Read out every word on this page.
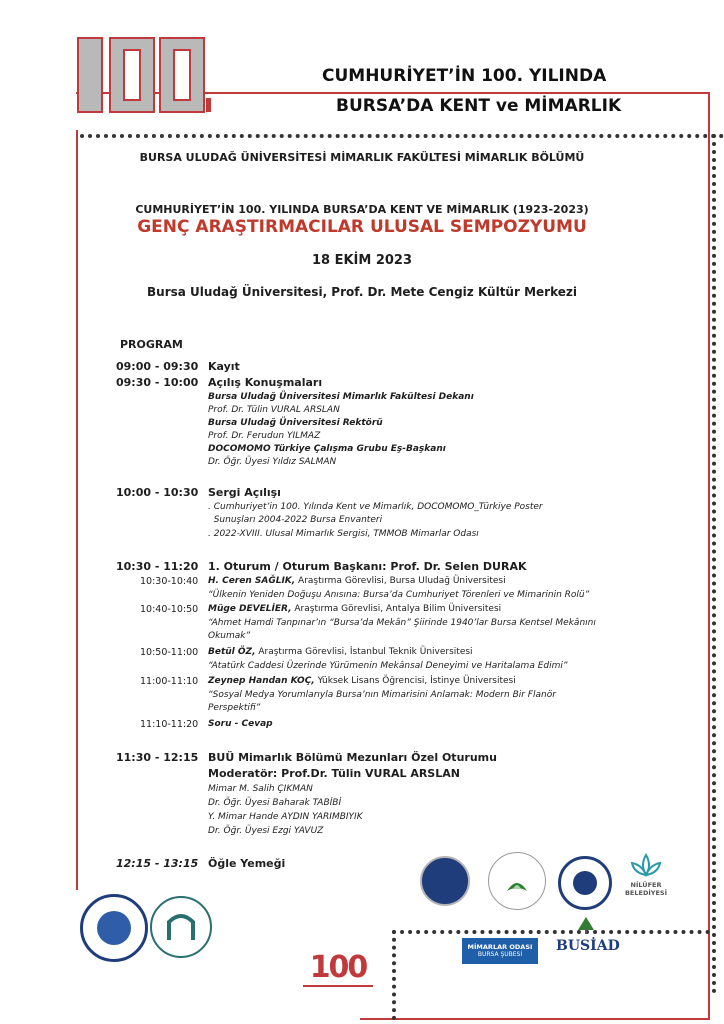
CUMHURİYET’İN 100. YILINDA
BURSA’DA KENT ve MİMARLIK
BURSA ULUDAĞ ÜNİVERSİTESİ MİMARLIK FAKÜLTESİ MİMARLIK BÖLÜMÜ
CUMHURİYET’İN 100. YILINDA BURSA’DA KENT VE MİMARLIK (1923-2023)
GENÇ ARAŞTIRMACILAR ULUSAL SEMPOZYUMU
18 EKİM 2023
Bursa Uludağ Üniversitesi, Prof. Dr. Mete Cengiz Kültür Merkezi
PROGRAM
09:00 - 09:30 Kayıt
09:30 - 10:00 Açılış Konuşmaları
Bursa Uludağ Üniversitesi Mimarlık Fakültesi Dekanı
Prof. Dr. Tülin VURAL ARSLAN
Bursa Uludağ Üniversitesi Rektörü
Prof. Dr. Ferudun YILMAZ
DOCOMOMO Türkiye Çalışma Grubu Eş-Başkanı
Dr. Öğr. Üyesi Yıldız SALMAN
10:00 - 10:30 Sergi Açılışı
. Cumhuriyet’in 100. Yılında Kent ve Mimarlık, DOCOMOMO_Türkiye Poster
Sunuşları 2004-2022 Bursa Envanteri
. 2022-XVIII. Ulusal Mimarlık Sergisi, TMMOB Mimarlar Odası
10:30 - 11:20 1. Oturum / Oturum Başkanı: Prof. Dr. Selen DURAK
10:30-10:40 H. Ceren SAĞLIK, Araştırma Görevlisi, Bursa Uludağ Üniversitesi
“Ülkenin Yeniden Doğuşu Anısına: Bursa’da Cumhuriyet Törenleri ve Mimarinin Rolü”
10:40-10:50 Müge DEVELİER, Araştırma Görevlisi, Antalya Bilim Üniversitesi
“Ahmet Hamdi Tanpınar’ın “Bursa’da Mekân” Şiirinde 1940’lar Bursa Kentsel Mekânını
Okumak”
10:50-11:00 Betül ÖZ, Araştırma Görevlisi, İstanbul Teknik Üniversitesi
“Atatürk Caddesi Üzerinde Yürümenin Mekânsal Deneyimi ve Haritalama Edimi”
11:00-11:10 Zeynep Handan KOÇ, Yüksek Lisans Öğrencisi, İstinye Üniversitesi
“Sosyal Medya Yorumlarıyla Bursa’nın Mimarisini Anlamak: Modern Bir Flanör
Perspektifi”
11:10-11:20 Soru - Cevap
11:30 - 12:15 BUÜ Mimarlık Bölümü Mezunları Özel Oturumu
Moderatör: Prof.Dr. Tülin VURAL ARSLAN
Mimar M. Salih ÇIKMAN
Dr. Öğr. Üyesi Baharak TABİBİ
Y. Mimar Hande AYDIN YARIMBIYIK
Dr. Öğr. Üyesi Ezgi YAVUZ
12:15 - 13:15 Öğle Yemeği
NİLÜFER
BELEDİYESİ
MİMARLAR ODASI
BURSA ŞUBESİ
BUSİAD
100
